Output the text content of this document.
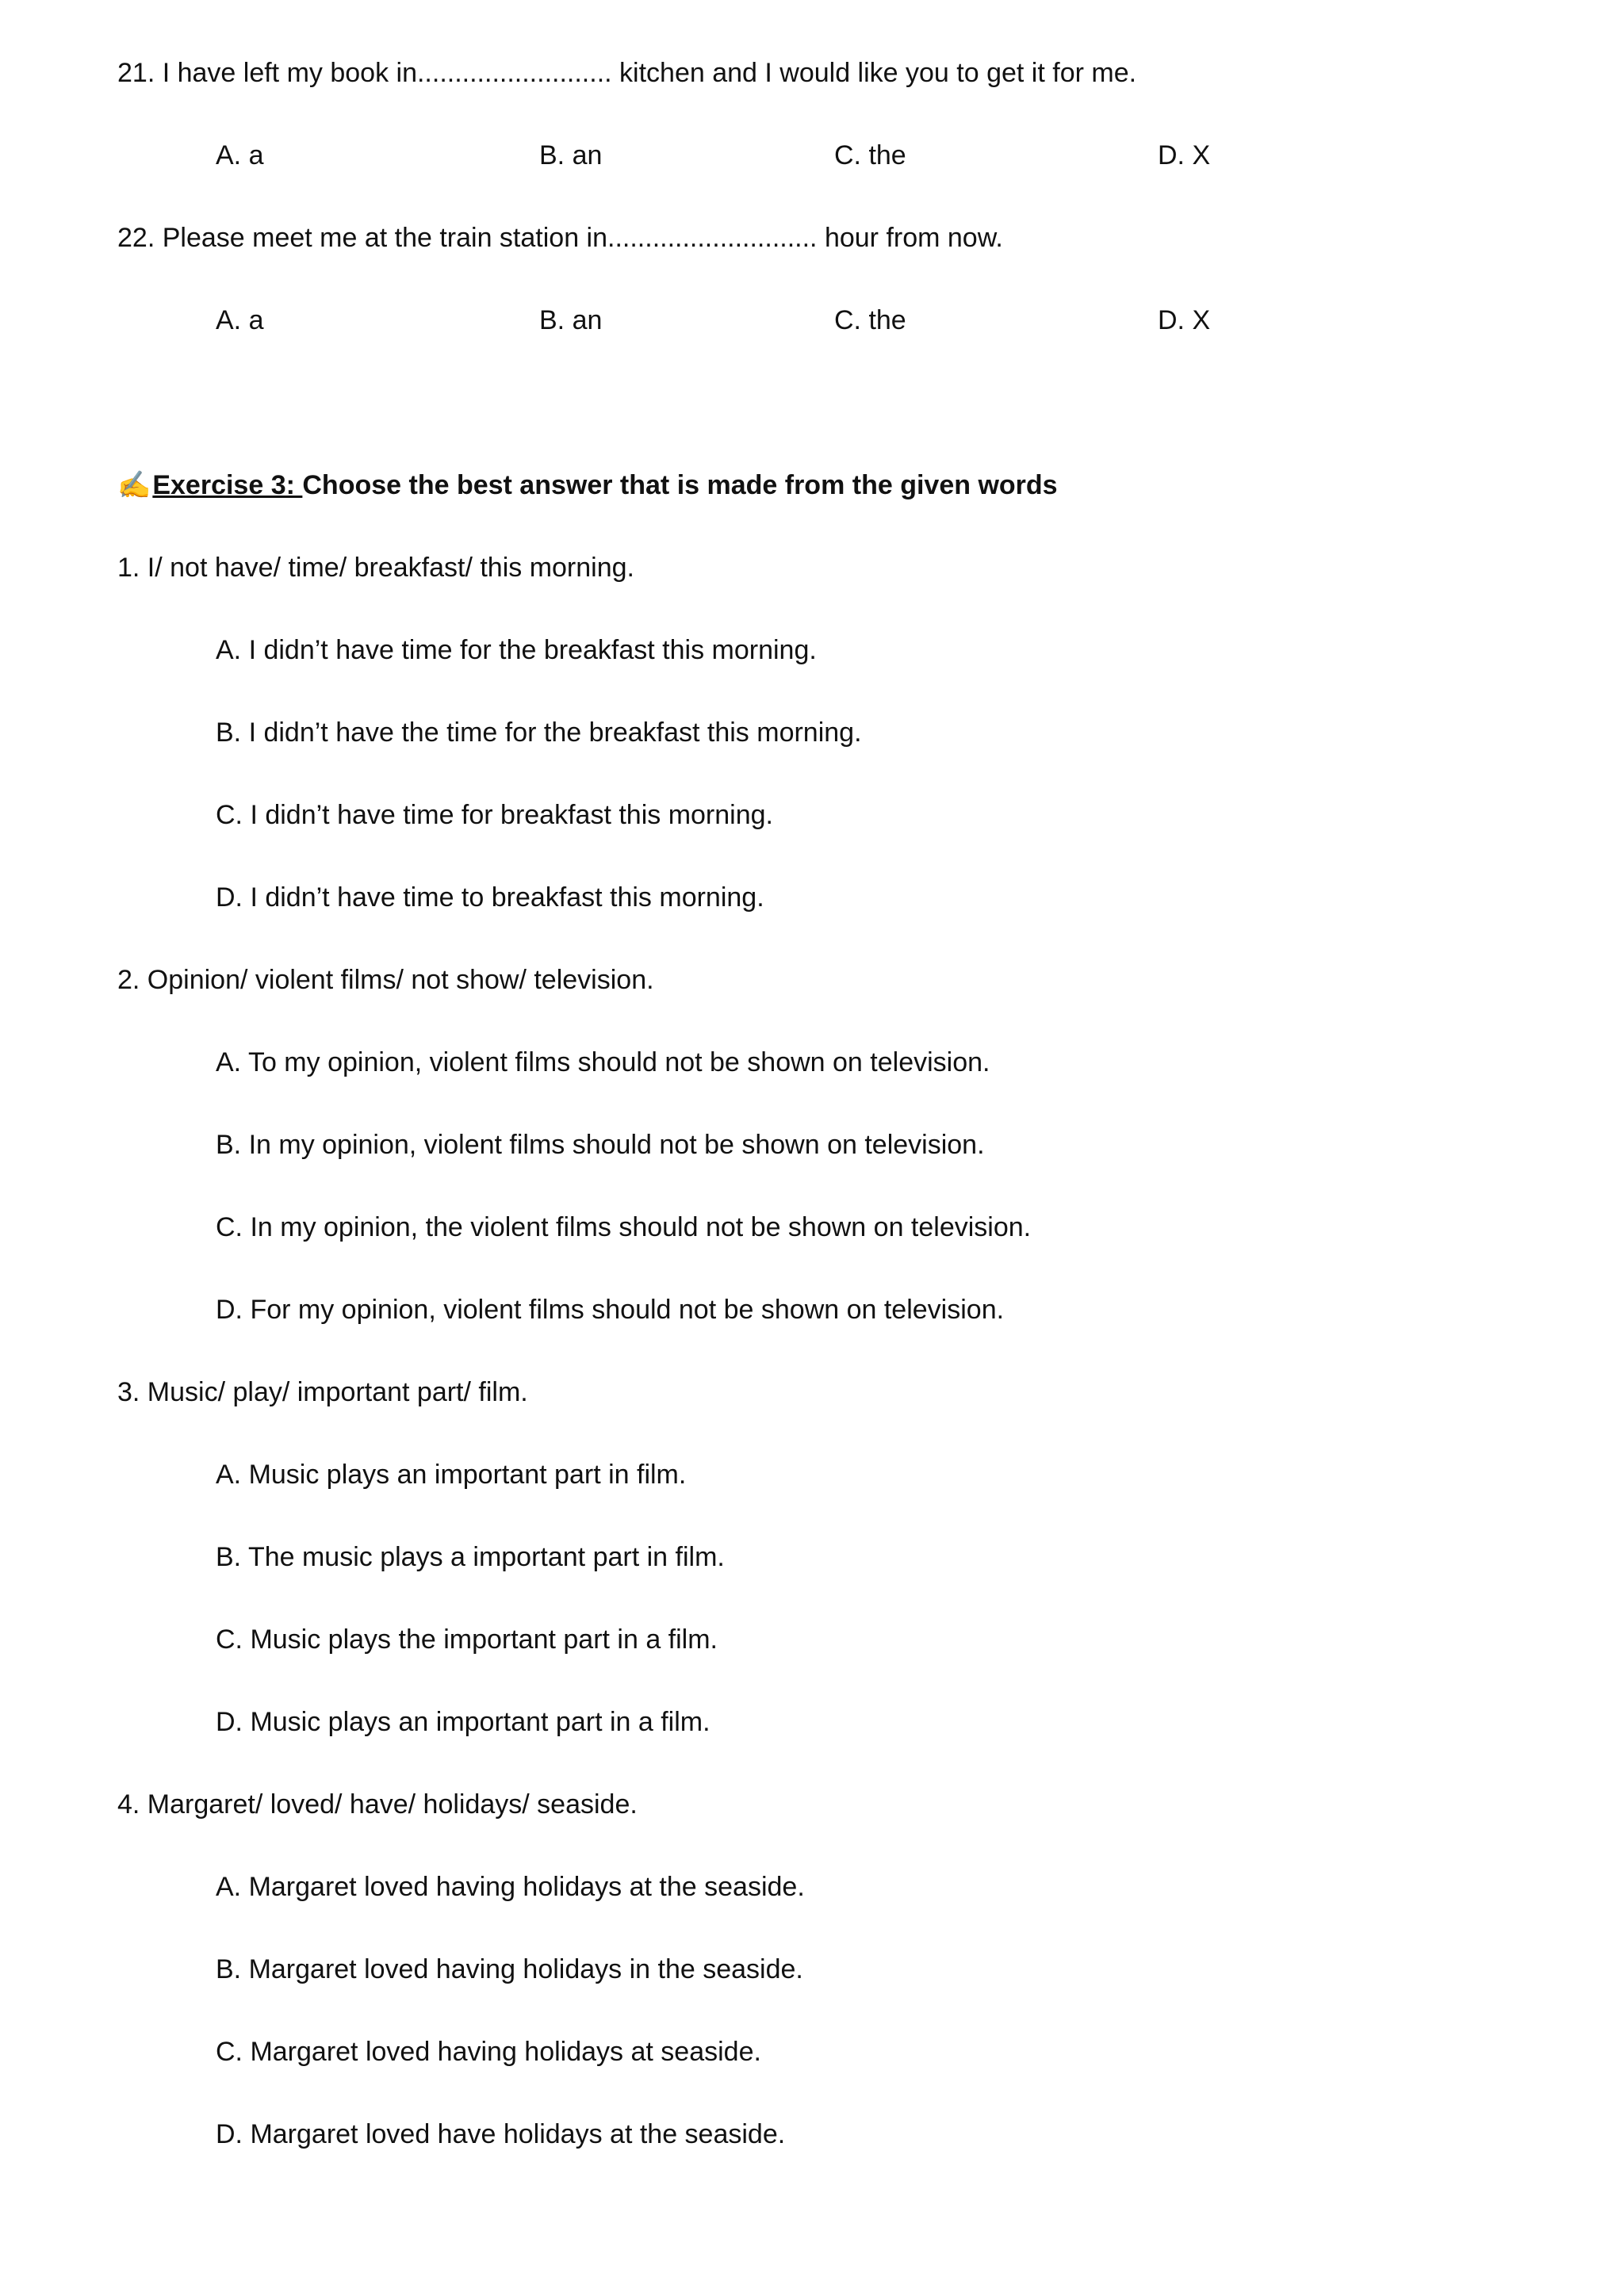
21. I have left my book in.......................... kitchen and I would like you to get it for me.
A. a	B. an	C. the	D. X
22. Please meet me at the train station in............................ hour from now.
A. a	B. an	C. the	D. X
✍Exercise 3: Choose the best answer that is made from the given words
1. I/ not have/ time/ breakfast/ this morning.
A. I didn’t have time for the breakfast this morning.
B. I didn’t have the time for the breakfast this morning.
C. I didn’t have time for breakfast this morning.
D. I didn’t have time to breakfast this morning.
2. Opinion/ violent films/ not show/ television.
A. To my opinion, violent films should not be shown on television.
B. In my opinion, violent films should not be shown on television.
C. In my opinion, the violent films should not be shown on television.
D. For my opinion, violent films should not be shown on television.
3. Music/ play/ important part/ film.
A. Music plays an important part in film.
B. The music plays a important part in film.
C. Music plays the important part in a film.
D. Music plays an important part in a film.
4. Margaret/ loved/ have/ holidays/ seaside.
A. Margaret loved having holidays at the seaside.
B. Margaret loved having holidays in the seaside.
C. Margaret loved having holidays at seaside.
D. Margaret loved have holidays at the seaside.
